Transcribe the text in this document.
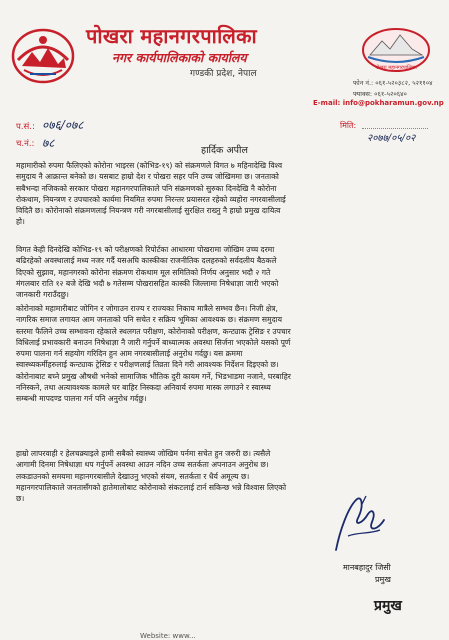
पोखरा महानगरपालिका
नगर कार्यपालिकाको कार्यालय
गण्डकी प्रदेश, नेपाल
पोखरा महानगरपालिका
फोन नं.: ०६१-५२०३८२, ५२११०४
फ्याक्स: ०६१-५२०६४०
E-mail: info@pokharamun.gov.np
प.सं.: ०७६/०७८
च.नं.: ७८
मिति:
२०७७/०५/०२
हार्दिक अपील

महामारीको रुपमा फैलिएको कोरोना भाइरस (कोभिड-१९) को संक्रमणले विगत ७ महिनादेखि विश्व

समुदाय नै आक्रान्त बनेको छ। यसबाट हाम्रो देश र पोखरा सहर पनि उच्च जोखिममा छ। जनताको

सबैभन्दा नजिकको सरकार पोखरा महानगरपालिकाले पनि संक्रमणको सुरुका दिनदेखि नै कोरोना

रोकथाम, नियन्त्रण र उपचारको कार्यमा नियमित रुपमा निरन्तर प्रयासरत रहेको व्यहोरा नगरवासीलाई

विदितै छ। कोरोनाको संक्रमणलाई नियन्त्रण गरी नगरबासीलाई सुरक्षित राख्नु नै हाम्रो प्रमुख दायित्व

हो।

विगत केही दिनदेखि कोभिड-१९ को परीक्षणको रिपोर्टका आधारमा पोखरामा जोखिम उच्च दरमा

बढिरहेको अवस्थालाई मध्य नजर गर्दै यसअघि कास्कीका राजनीतिक दलहरुको सर्वदलीय बैठकले

दिएको सुझाव, महानगरको कोरोना संक्रमण रोकथाम मूल समितिको निर्णय अनुसार भदौ २ गते

मंगलबार राति १२ बजे देखि भदौ ७ गतेसम्म पोखरासहित कास्की जिल्लामा निषेधाज्ञा जारी भएको

जानकारी गराउँदछु।

कोरोनाको महामारीबाट जोगिन र जोगाउन राज्य र राज्यका निकाय मात्रैले सम्भव छैन। निजी क्षेत्र,

नागरिक समाज लगायत आम जनताको पनि सचेत र सक्रिय भूमिका आवश्यक छ। संक्रमण समुदाय

स्तरमा फैलिने उच्च सम्भावना रहेकाले स्थलगत परीक्षण, कोरोनाको परीक्षण, कन्ट्याक ट्रेसिङ र उपचार

विधिलाई प्रभावकारी बनाउन निषेधाज्ञा नै जारी गर्नुपर्ने बाध्यात्मक अवस्था सिर्जना भएकोले यसको पूर्ण

रुपमा पालना गर्न सहयोग गरिदिन हुन आम नगरबासीलाई अनुरोध गर्दछु। यस क्रममा

स्वास्थ्यकर्मीहरुलाई कन्ट्याक ट्रेसिङ र परीक्षणलाई तिव्रता दिने गरी आवश्यक निर्देशन दिइएको छ।

कोरोनाबाट बच्ने प्रमुख औषधी भनेको सामाजिक भौतिक दुरी कायम गर्ने, भिडभाडमा नजाने, घरबाहिर

ननिस्कने, तथा अत्यावश्यक कामले घर बाहिर निस्कदा अनिवार्य रुपमा मास्क लगाउने र स्वास्थ्य

सम्बन्धी मापदण्ड पालना गर्न पनि अनुरोध गर्दछु।

हाम्रो लापरवाही र हेलचक्र्याइले हामी सबैको स्वास्थ्य जोखिम पर्नमा सचेत हुन जरुरी छ। त्यसैले

आगामी दिनमा निषेधाज्ञा थप गर्नुपर्ने अवस्था आउन नदिन उच्च सतर्कता अपनाउन अनुरोध छ।

लकडाउनको समयमा महानगरबासीले देखाउनु भएको संयम, सतर्कता र धैर्य अमूल्य छ।

महानगरपालिकाले जनतासँगको हातेमालोबाट कोरोनाको संकटलाई टार्न सकिन्छ भन्ने विश्वास लिएको

छ।

मानबहादुर जिसी
प्रमुख
प्रमुख
Website: www...
